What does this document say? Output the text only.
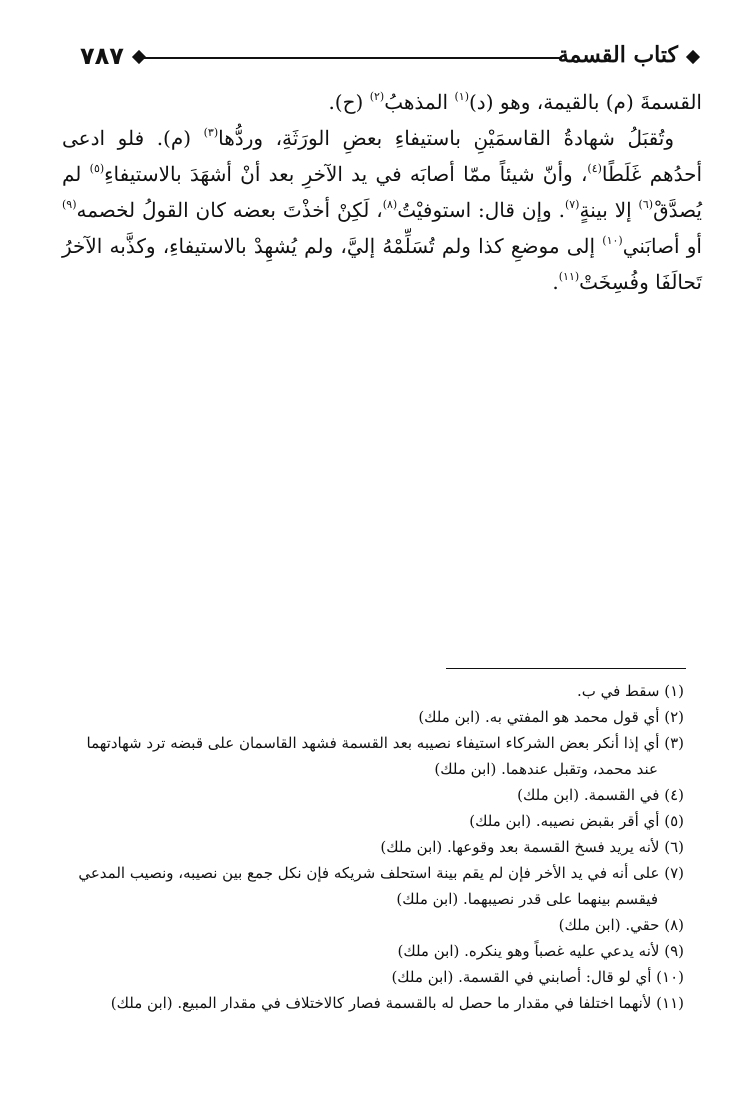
٧٨٧	كتاب القسمة

القسمةَ (م) بالقيمة، وهو (د)$^{(١)}$ المذهبُ$^{(٢)}$ (ح).

وتُقبَلُ شهادةُ القاسمَيْنِ باستيفاءِ بعضِ الورَثَةِ، وردُّها$^{(٣)}$ (م). فلو ادعى أحدُهم غَلَطًا$^{(٤)}$، وأنّ شيئاً ممّا أصابَه في يد الآخرِ بعد أنْ أشهَدَ بالاستيفاءِ$^{(٥)}$ لم يُصدَّقْ$^{(٦)}$ إلا بينةٍ$^{(٧)}$. وإن قال: استوفيْتُ$^{(٨)}$، لَكِنْ أخذْتَ بعضه كان القولُ لخصمه$^{(٩)}$ أو أصابَني$^{(١٠)}$ إلى موضعِ كذا ولم تُسَلِّمْهُ إليَّ، ولم يُشهِدْ بالاستيفاءِ، وكذَّبه الآخرُ تَحالَفَا وفُسِخَتْ$^{(١١)}$.

(١) سقط في ب.

(٢) أي قول محمد هو المفتي به. (ابن ملك)

(٣) أي إذا أنكر بعض الشركاء استيفاء نصيبه بعد القسمة فشهد القاسمان على قبضه ترد شهادتهما عند محمد، وتقبل عندهما. (ابن ملك)

(٤) في القسمة. (ابن ملك)

(٥) أي أقر بقبض نصيبه. (ابن ملك)

(٦) لأنه يريد فسخ القسمة بعد وقوعها. (ابن ملك)

(٧) على أنه في يد الأخر فإن لم يقم بينة استحلف شريكه فإن نكل جمع بين نصيبه، ونصيب المدعي فيقسم بينهما على قدر نصيبهما. (ابن ملك)

(٨) حقي. (ابن ملك)

(٩) لأنه يدعي عليه غصباً وهو ينكره. (ابن ملك)

(١٠) أي لو قال: أصابني في القسمة. (ابن ملك)

(١١) لأنهما اختلفا في مقدار ما حصل له بالقسمة فصار كالاختلاف في مقدار المبيع. (ابن ملك)
